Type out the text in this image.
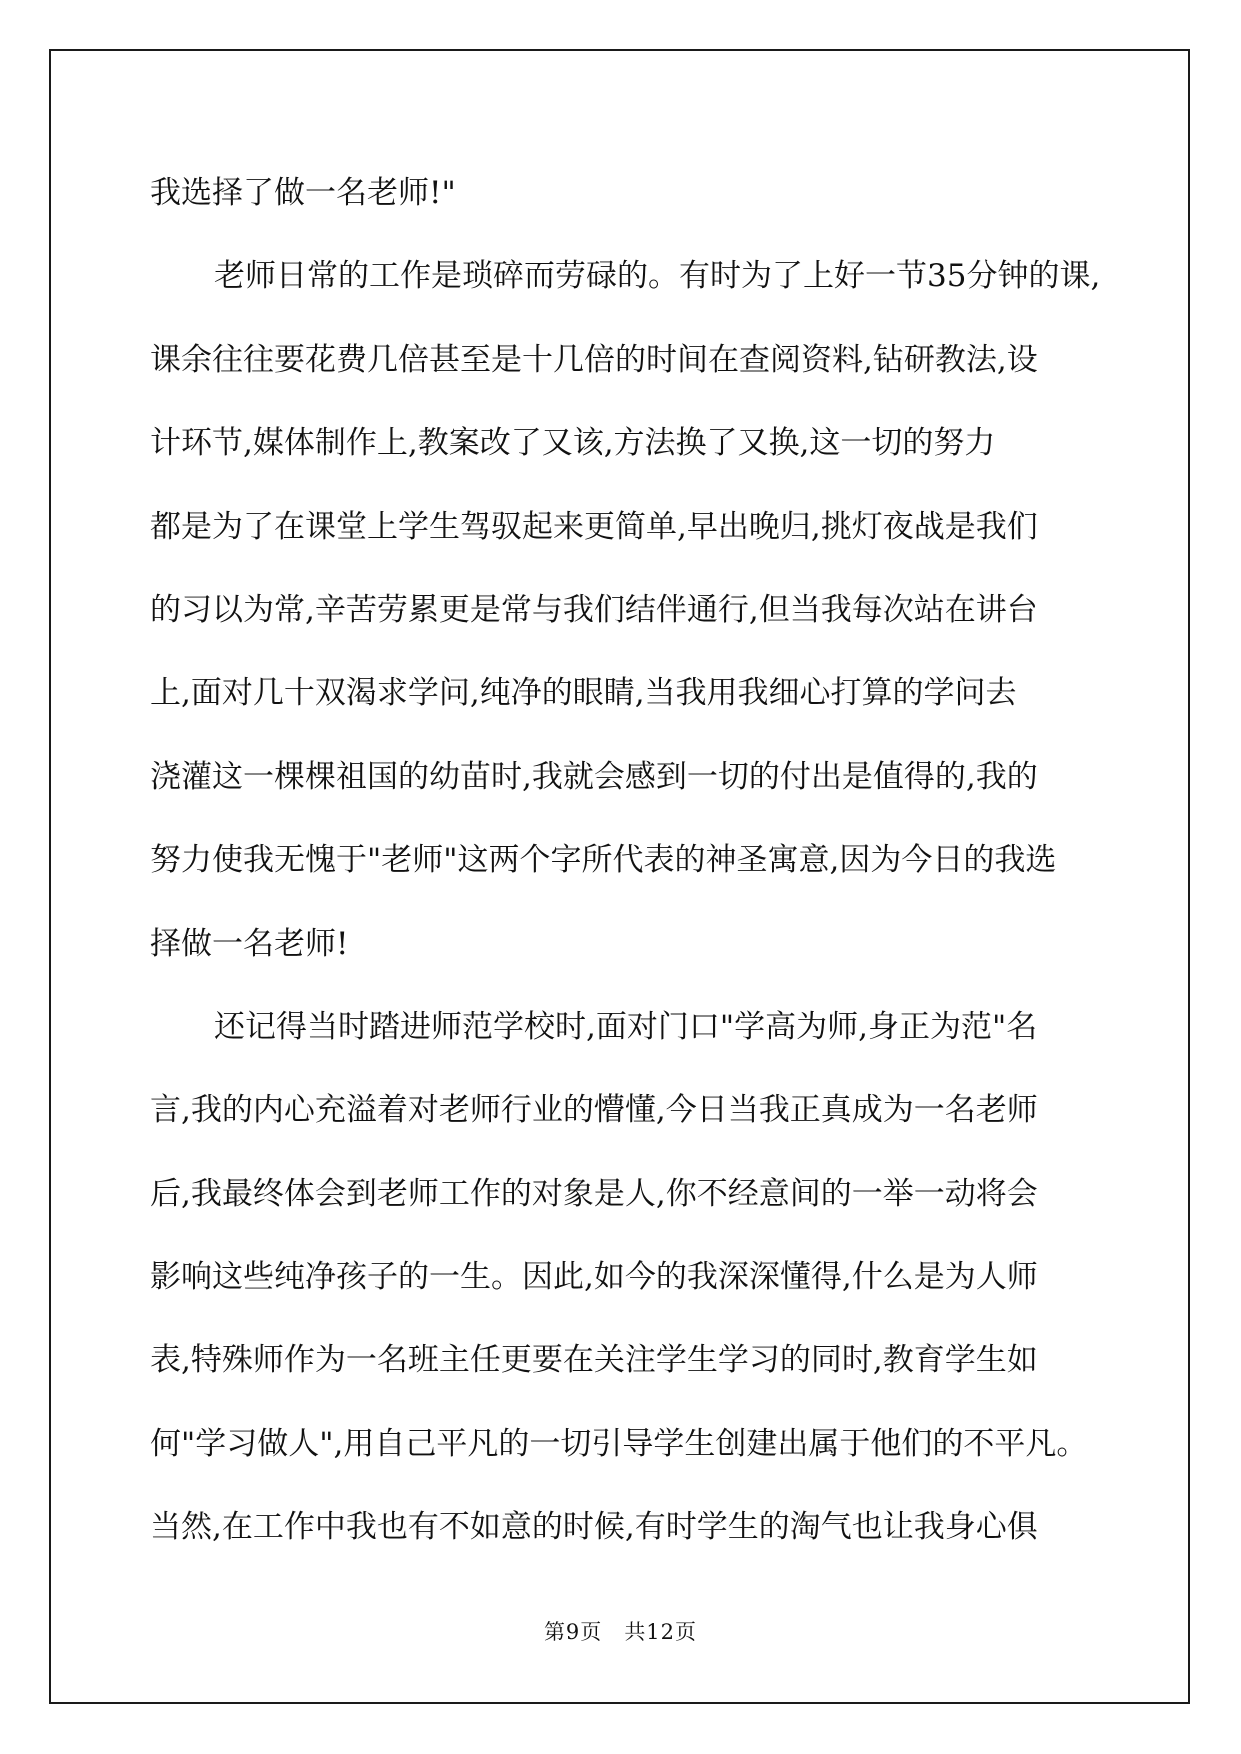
我选择了做一名老师!"
老师日常的工作是琐碎而劳碌的。有时为了上好一节35分钟的课,
课余往往要花费几倍甚至是十几倍的时间在查阅资料,钻研教法,设
计环节,媒体制作上,教案改了又该,方法换了又换,这一切的努力
都是为了在课堂上学生驾驭起来更简单,早出晚归,挑灯夜战是我们
的习以为常,辛苦劳累更是常与我们结伴通行,但当我每次站在讲台
上,面对几十双渴求学问,纯净的眼睛,当我用我细心打算的学问去
浇灌这一棵棵祖国的幼苗时,我就会感到一切的付出是值得的,我的
努力使我无愧于"老师"这两个字所代表的神圣寓意,因为今日的我选
择做一名老师!
还记得当时踏进师范学校时,面对门口"学高为师,身正为范"名
言,我的内心充溢着对老师行业的懵懂,今日当我正真成为一名老师
后,我最终体会到老师工作的对象是人,你不经意间的一举一动将会
影响这些纯净孩子的一生。因此,如今的我深深懂得,什么是为人师
表,特殊师作为一名班主任更要在关注学生学习的同时,教育学生如
何"学习做人",用自己平凡的一切引导学生创建出属于他们的不平凡。
当然,在工作中我也有不如意的时候,有时学生的淘气也让我身心俱
第9页 共12页
